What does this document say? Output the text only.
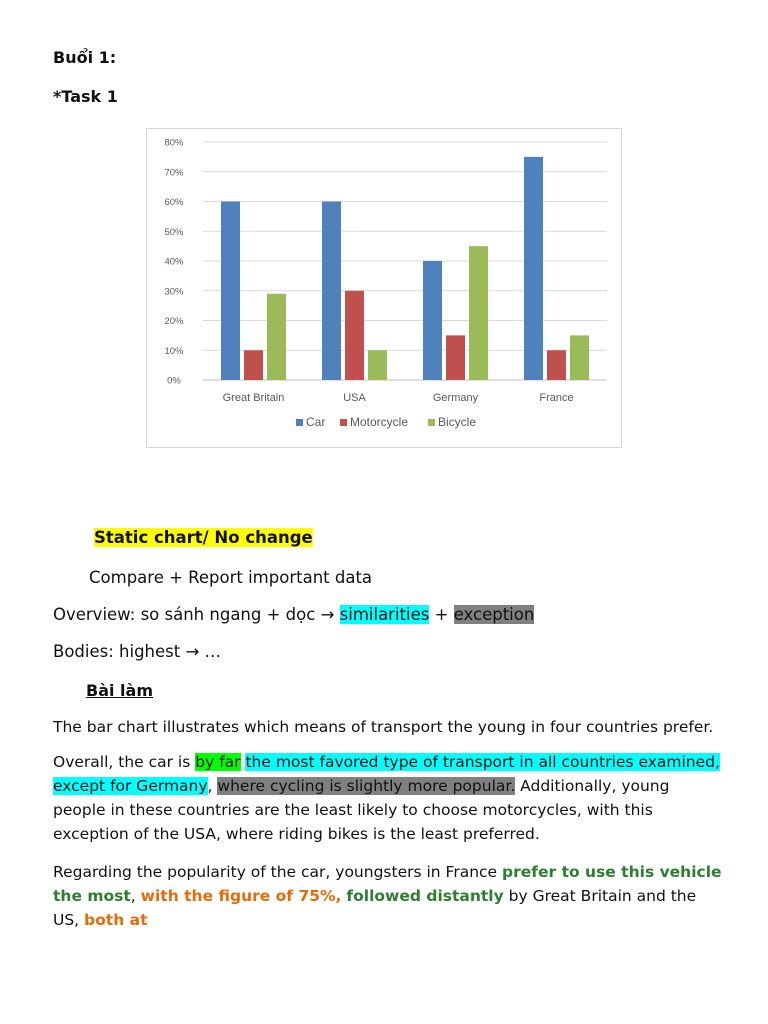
Buổi 1:
*Task 1
0%
10%
20%
30%
40%
50%
60%
70%
80%
Great Britain	USA	Germany	France
Car Motorcycle Bicycle
Static chart/ No change
Compare + Report important data
Overview: so sánh ngang + dọc → similarities + exception
Bodies: highest → …
Bài làm

The bar chart illustrates which means of transport the young in four countries prefer.

Overall, the car is by far the most favored type of transport in all countries examined, except for Germany, where cycling is slightly more popular. Additionally, young people in these countries are the least likely to choose motorcycles, with this exception of the USA, where riding bikes is the least preferred.

Regarding the popularity of the car, youngsters in France prefer to use this vehicle the most, with the figure of 75%, followed distantly by Great Britain and the US, both at
